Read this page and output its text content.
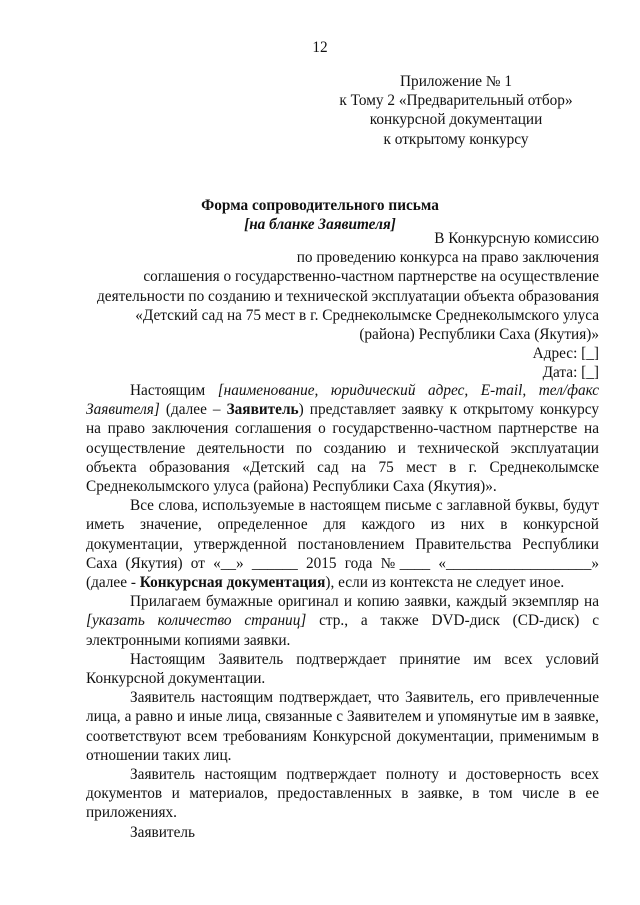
12
Приложение № 1
к Тому 2 «Предварительный отбор»
конкурсной документации
к открытому конкурсу
Форма сопроводительного письма
[на бланке Заявителя]
В Конкурсную комиссию
по проведению конкурса на право заключения
соглашения о государственно-частном партнерстве на осуществление
деятельности по созданию и технической эксплуатации объекта образования
«Детский сад на 75 мест в г. Среднеколымске Среднеколымского улуса
(района) Республики Саха (Якутия)»
Адрес: [_]
Дата: [_]

Настоящим [наименование, юридический адрес, E-mail, тел/факс Заявителя] (далее – Заявитель) представляет заявку к открытому конкурсу на право заключения соглашения о государственно-частном партнерстве на осуществление деятельности по созданию и технической эксплуатации объекта образования «Детский сад на 75 мест в г. Среднеколымске Среднеколымского улуса (района) Республики Саха (Якутия)».

Все слова, используемые в настоящем письме с заглавной буквы, будут иметь значение, определенное для каждого из них в конкурсной документации, утвержденной постановлением Правительства Республики Саха (Якутия) от «__» ______ 2015 года №____ «___________________» (далее - Конкурсная документация), если из контекста не следует иное.

Прилагаем бумажные оригинал и копию заявки, каждый экземпляр на [указать количество страниц] стр., а также DVD-диск (CD-диск) с электронными копиями заявки.

Настоящим Заявитель подтверждает принятие им всех условий Конкурсной документации.

Заявитель настоящим подтверждает, что Заявитель, его привлеченные лица, а равно и иные лица, связанные с Заявителем и упомянутые им в заявке, соответствуют всем требованиям Конкурсной документации, применимым в отношении таких лиц.

Заявитель настоящим подтверждает полноту и достоверность всех документов и материалов, предоставленных в заявке, в том числе в ее приложениях.

Заявитель
